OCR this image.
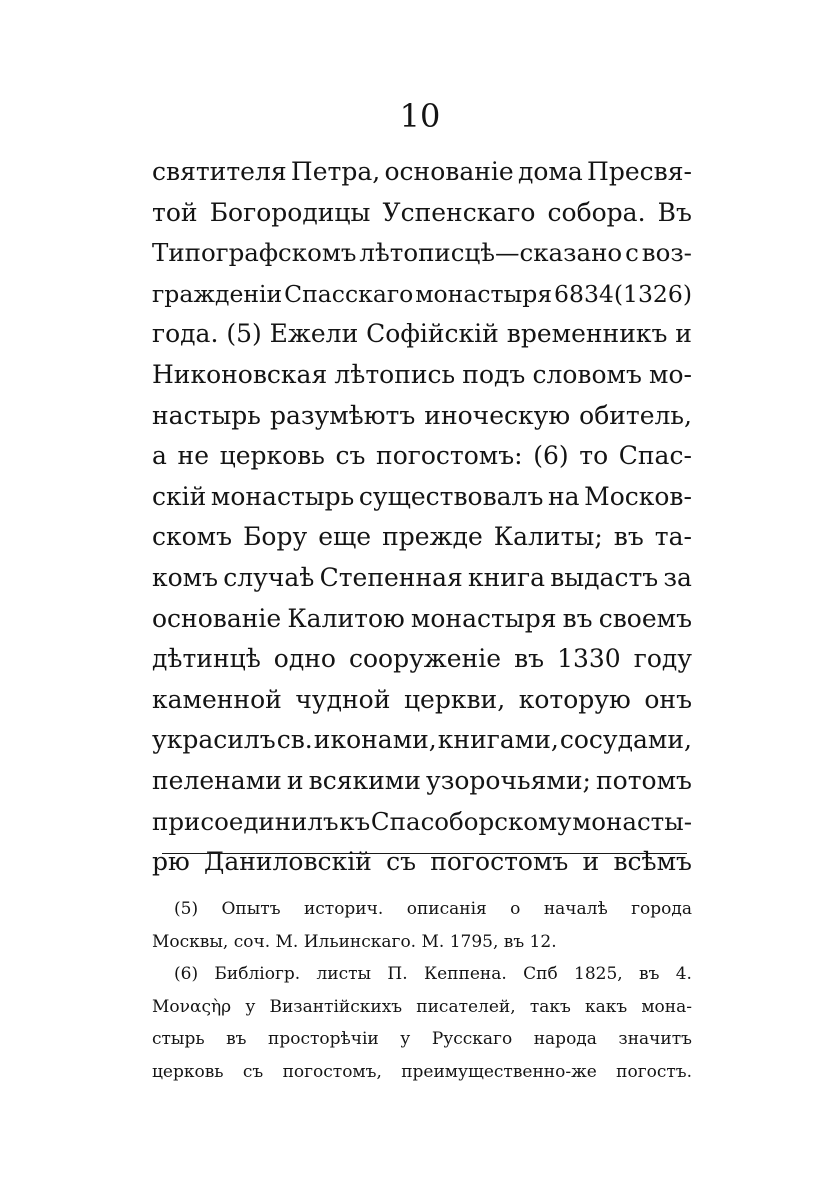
10
святителя Петра, основаніе дома Пресвя-
той Богородицы Успенскаго собора. Въ
Типографскомъ лѣтописцѣ—сказано с воз-
гражденіи Спасскаго монастыря 6834(1326)
года. (5) Ежели Софійскій временникъ и
Никоновская лѣтопись подъ словомъ мо-
настырь разумѣютъ иноческую обитель,
а не церковь съ погостомъ: (6) то Спас-
скій монастырь существовалъ на Москов-
скомъ Бору еще прежде Калиты; въ та-
комъ случаѣ Степенная книга выдастъ за
основаніе Калитою монастыря въ своемъ
дѣтинцѣ одно сооруженіе въ 1330 году
каменной чудной церкви, которую онъ
украсилъ св. иконами, книгами, сосудами,
пеленами и всякими узорочьями; потомъ
присоединилъ къ Спасоборскому монасты-
рю Даниловскій съ погостомъ и всѣмъ
(5) Опытъ историч. описанія о началѣ города
Москвы, соч. М. Ильинскаго. М. 1795, въ 12.
(6) Библіогр. листы П. Кеппена. Спб 1825, въ 4.
Μοναςὴρ у Византійскихъ писателей, такъ какъ мона-
стырь въ просторѣчіи у Русскаго народа значитъ
церковь съ погостомъ, преимущественно-же погостъ.
